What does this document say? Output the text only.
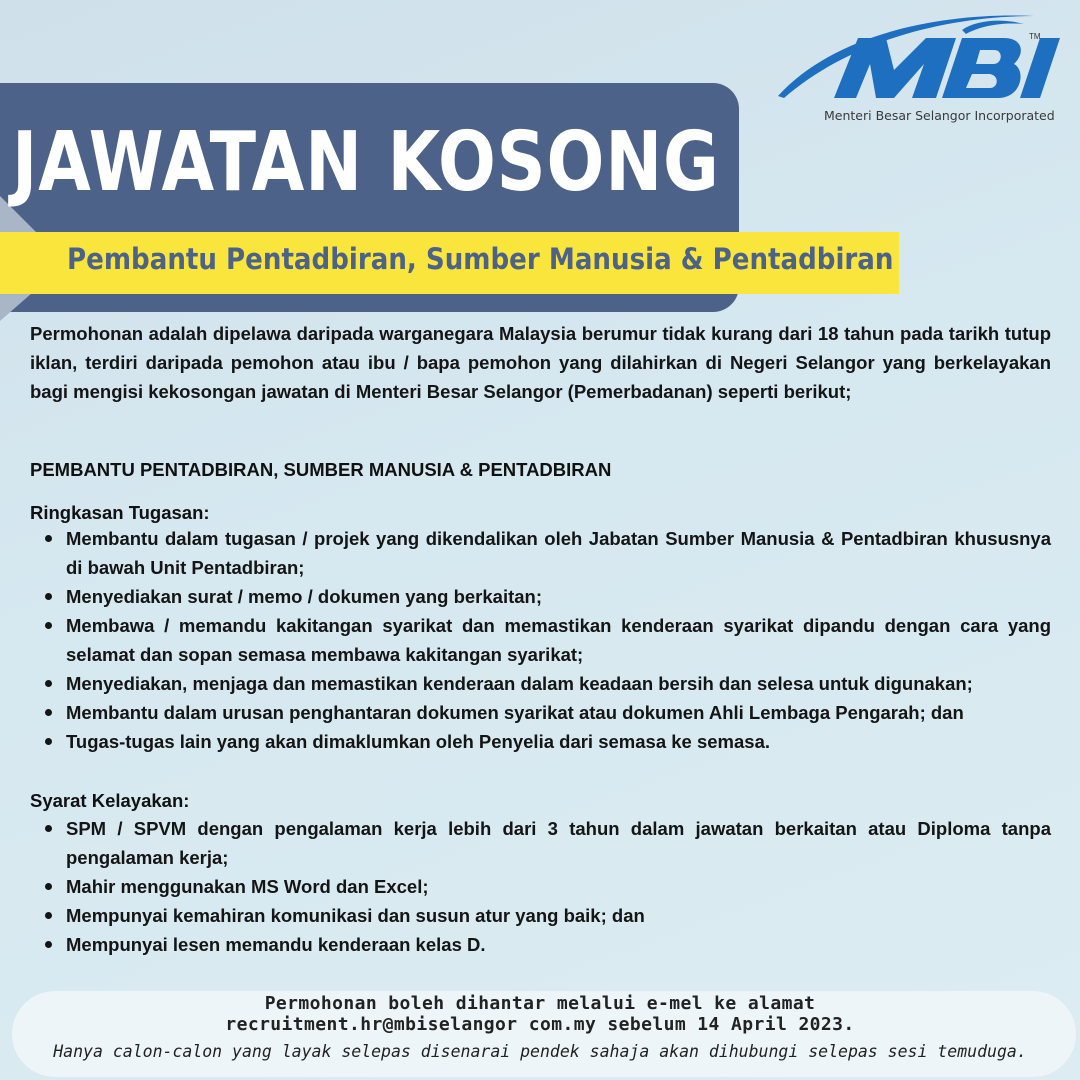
TM
Menteri Besar Selangor Incorporated
JAWATAN KOSONG
Pembantu Pentadbiran, Sumber Manusia & Pentadbiran
Permohonan adalah dipelawa daripada warganegara Malaysia berumur tidak kurang dari 18 tahun pada tarikh tutup iklan, terdiri daripada pemohon atau ibu / bapa pemohon yang dilahirkan di Negeri Selangor yang berkelayakan bagi mengisi kekosongan jawatan di Menteri Besar Selangor (Pemerbadanan) seperti berikut;
PEMBANTU PENTADBIRAN, SUMBER MANUSIA & PENTADBIRAN
Ringkasan Tugasan:
Membantu dalam tugasan / projek yang dikendalikan oleh Jabatan Sumber Manusia & Pentadbiran khususnya di bawah Unit Pentadbiran;
Menyediakan surat / memo / dokumen yang berkaitan;
Membawa / memandu kakitangan syarikat dan memastikan kenderaan syarikat dipandu dengan cara yang selamat dan sopan semasa membawa kakitangan syarikat;
Menyediakan, menjaga dan memastikan kenderaan dalam keadaan bersih dan selesa untuk digunakan;
Membantu dalam urusan penghantaran dokumen syarikat atau dokumen Ahli Lembaga Pengarah; dan
Tugas-tugas lain yang akan dimaklumkan oleh Penyelia dari semasa ke semasa.
Syarat Kelayakan:
SPM / SPVM dengan pengalaman kerja lebih dari 3 tahun dalam jawatan berkaitan atau Diploma tanpa pengalaman kerja;
Mahir menggunakan MS Word dan Excel;
Mempunyai kemahiran komunikasi dan susun atur yang baik; dan
Mempunyai lesen memandu kenderaan kelas D.
Permohonan boleh dihantar melalui e-mel ke alamat
recruitment.hr@mbiselangor com.my sebelum 14 April 2023.
Hanya calon-calon yang layak selepas disenarai pendek sahaja akan dihubungi selepas sesi temuduga.
